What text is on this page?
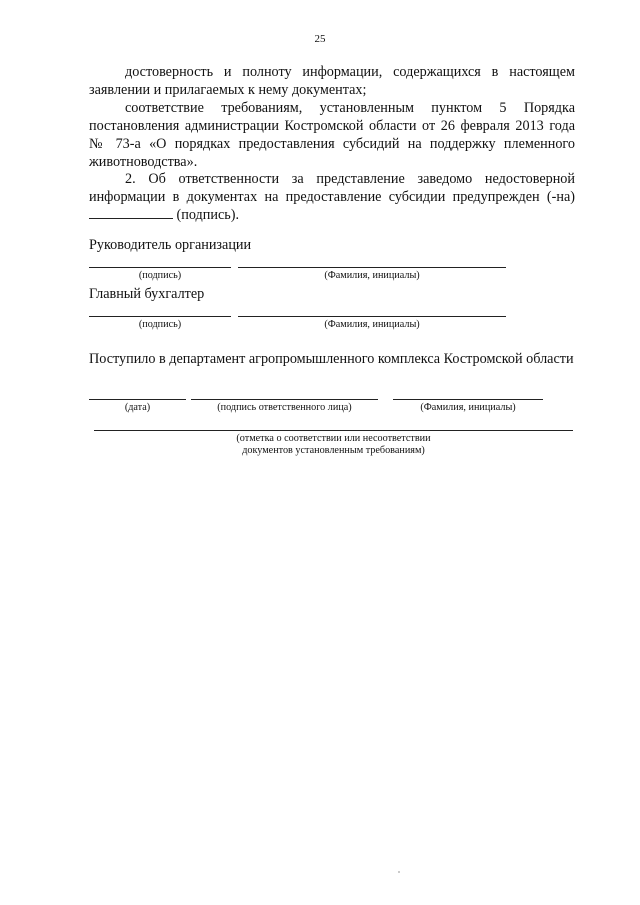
25
достоверность и полноту информации, содержащихся в настоящем заявлении и прилагаемых к нему документах;
соответствие требованиям, установленным пунктом 5 Порядка постановления администрации Костромской области от 26 февраля 2013 года № 73-а «О порядках предоставления субсидий на поддержку племенного животноводства».
2. Об ответственности за представление заведомо недостоверной информации в документах на предоставление субсидии предупрежден (-на)  (подпись).
Руководитель организации
(подпись)	(Фамилия, инициалы)
Главный бухгалтер
(подпись)	(Фамилия, инициалы)
Поступило в департамент агропромышленного комплекса Костромской области
(дата)	(подпись ответственного лица)	(Фамилия, инициалы)
(отметка о соответствии или несоответствии
документов установленным требованиям)
